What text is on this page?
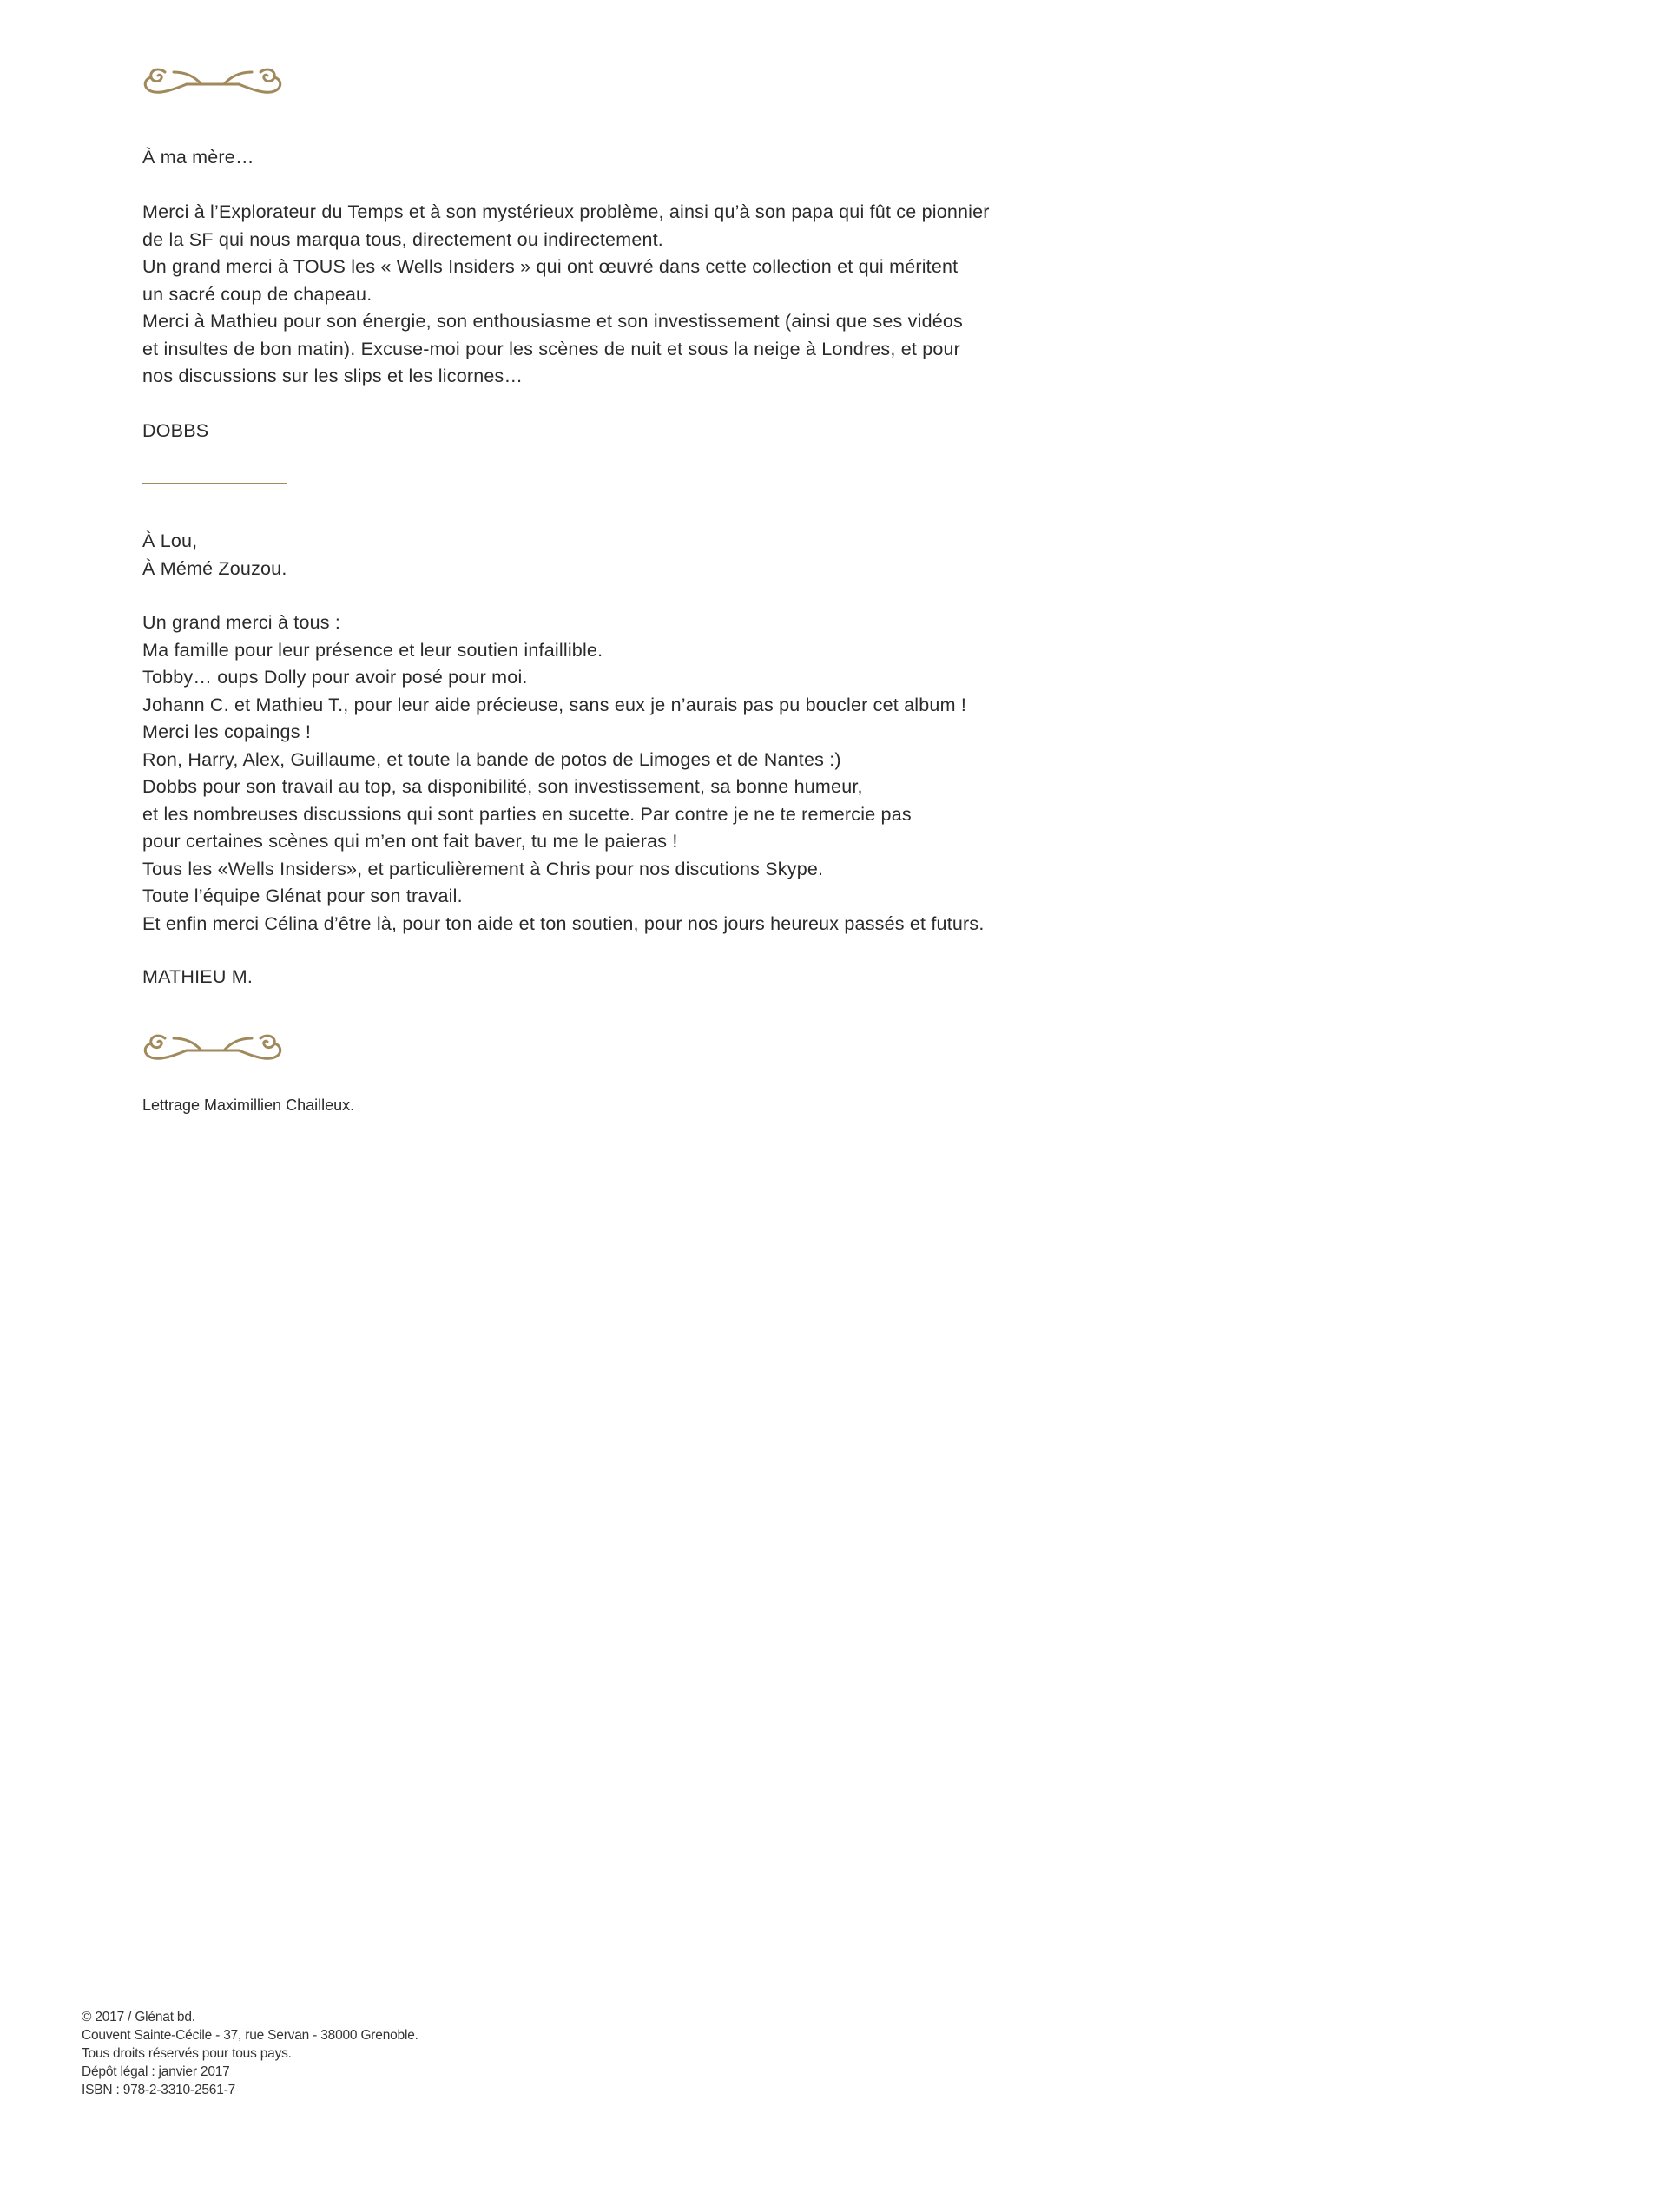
À ma mère…

Merci à l’Explorateur du Temps et à son mystérieux problème, ainsi qu’à son papa qui fût ce pionnier

de la SF qui nous marqua tous, directement ou indirectement.

Un grand merci à TOUS les « Wells Insiders » qui ont œuvré dans cette collection et qui méritent

un sacré coup de chapeau.

Merci à Mathieu pour son énergie, son enthousiasme et son investissement (ainsi que ses vidéos

et insultes de bon matin). Excuse-moi pour les scènes de nuit et sous la neige à Londres, et pour

nos discussions sur les slips et les licornes…

DOBBS

À Lou,

À Mémé Zouzou.

Un grand merci à tous :

Ma famille pour leur présence et leur soutien infaillible.

Tobby… oups Dolly pour avoir posé pour moi.

Johann C. et Mathieu T., pour leur aide précieuse, sans eux je n’aurais pas pu boucler cet album !

Merci les copaings !

Ron, Harry, Alex, Guillaume, et toute la bande de potos de Limoges et de Nantes :)

Dobbs pour son travail au top, sa disponibilité, son investissement, sa bonne humeur,

et les nombreuses discussions qui sont parties en sucette. Par contre je ne te remercie pas

pour certaines scènes qui m’en ont fait baver, tu me le paieras !

Tous les «Wells Insiders», et particulièrement à Chris pour nos discutions Skype.

Toute l’équipe Glénat pour son travail.

Et enfin merci Célina d’être là, pour ton aide et ton soutien, pour nos jours heureux passés et futurs.

MATHIEU M.

Lettrage Maximillien Chailleux.

© 2017 / Glénat bd.

Couvent Sainte-Cécile - 37, rue Servan - 38000 Grenoble.

Tous droits réservés pour tous pays.

Dépôt légal : janvier 2017

ISBN : 978-2-3310-2561-7
